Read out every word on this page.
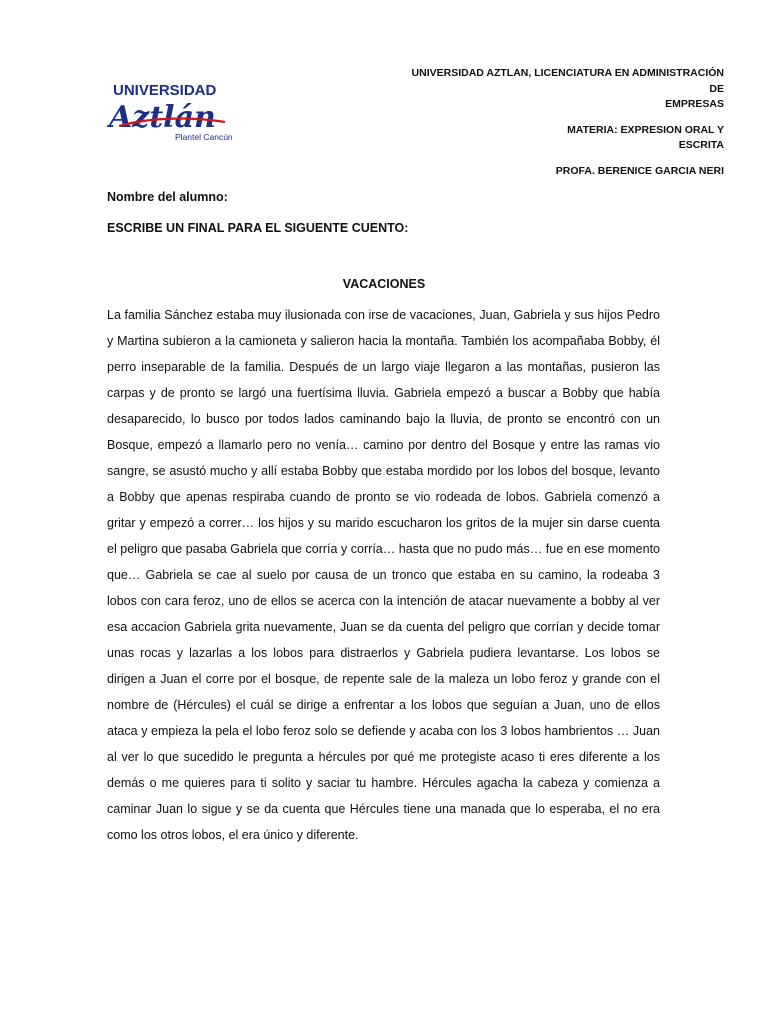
UNIVERSIDAD
Aztlán
Plantel Cancún

UNIVERSIDAD AZTLAN, LICENCIATURA EN ADMINISTRACIÓN DE

EMPRESAS

MATERIA: EXPRESION ORAL Y

ESCRITA

PROFA. BERENICE GARCIA NERI

Nombre del alumno:
ESCRIBE UN FINAL PARA EL SIGUENTE CUENTO:
VACACIONES

La familia Sánchez estaba muy ilusionada con irse de vacaciones, Juan, Gabriela y sus hijos Pedro y Martina subieron a la camioneta y salieron hacia la montaña. También los acompañaba Bobby, él perro inseparable de la familia. Después de un largo viaje llegaron a las montañas, pusieron las carpas y de pronto se largó una fuertísima lluvia. Gabriela empezó a buscar a Bobby que había desaparecido, lo busco por todos lados caminando bajo la lluvia, de pronto se encontró con un Bosque, empezó a llamarlo pero no venía… camino por dentro del Bosque y entre las ramas vio sangre, se asustó mucho y allí estaba Bobby que estaba mordido por los lobos del bosque, levanto a Bobby que apenas respiraba cuando de pronto se vio rodeada de lobos. Gabriela comenzó a gritar y empezó a correr… los hijos y su marido escucharon los gritos de la mujer sin darse cuenta el peligro que pasaba Gabriela que corría y corría… hasta que no pudo más… fue en ese momento que… Gabriela se cae al suelo por causa de un tronco que estaba en su camino, la rodeaba 3 lobos con cara feroz, uno de ellos se acerca con la intención de atacar nuevamente a bobby al ver esa accacion Gabriela grita nuevamente, Juan se da cuenta del peligro que corrían y decide tomar unas rocas y lazarlas a los lobos para distraerlos y Gabriela pudiera levantarse. Los lobos se dirigen a Juan el corre por el bosque, de repente sale de la maleza un lobo feroz y grande con el nombre de (Hércules) el cuál se dirige a enfrentar a los lobos que seguían a Juan, uno de ellos ataca y empieza la pela el lobo feroz solo se defiende y acaba con los 3 lobos hambrientos … Juan al ver lo que sucedido le pregunta a hércules por qué me protegiste acaso ti eres diferente a los demás o me quieres para ti solito y saciar tu hambre. Hércules agacha la cabeza y comienza a caminar Juan lo sigue y se da cuenta que Hércules tiene una manada que lo esperaba, el no era como los otros lobos, el era único y diferente.
